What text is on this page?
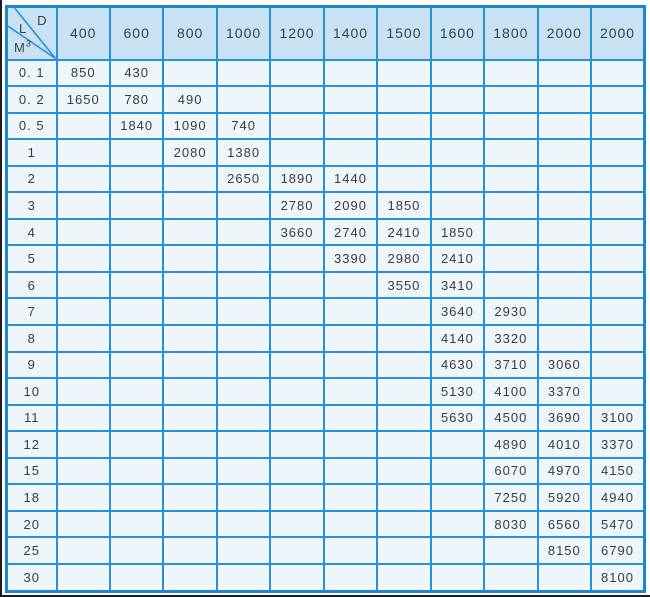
D
L
$M^3$	400	600	800	1000	1200	1400	1500	1600	1800	2000	2000
0. 1	850	430									
0. 2	1650	780	490								
0. 5		1840	1090	740							
1			2080	1380							
2				2650	1890	1440					
3					2780	2090	1850				
4					3660	2740	2410	1850			
5						3390	2980	2410			
6							3550	3410			
7								3640	2930		
8								4140	3320		
9								4630	3710	3060	
10								5130	4100	3370	
11								5630	4500	3690	3100
12									4890	4010	3370
15									6070	4970	4150
18									7250	5920	4940
20									8030	6560	5470
25										8150	6790
30											8100
